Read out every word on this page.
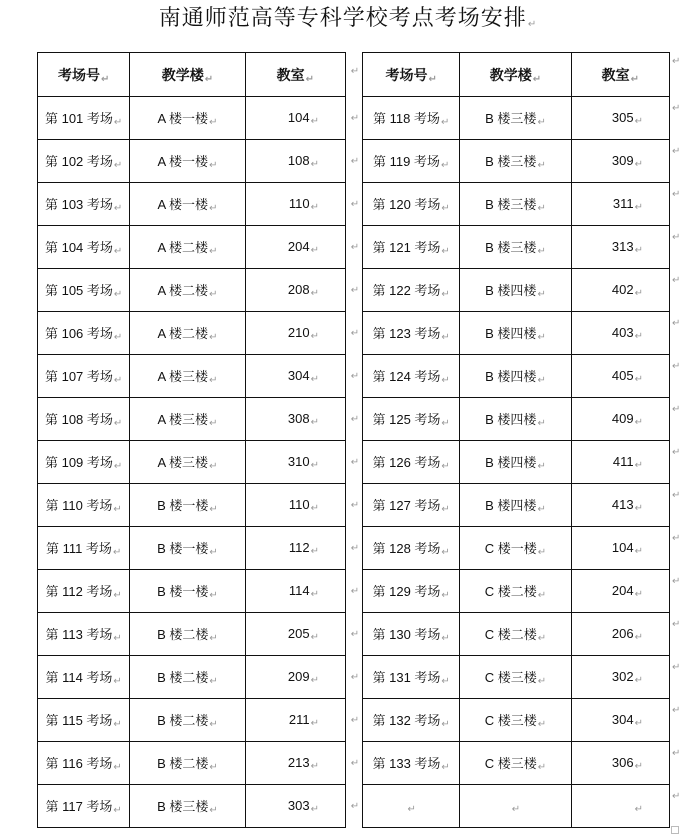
南通师范高等专科学校考点考场安排↵
考场号↵	教学楼↵	教室↵
第 101 考场↵	A 楼一楼↵	104↵
第 102 考场↵	A 楼一楼↵	108↵
第 103 考场↵	A 楼一楼↵	110↵
第 104 考场↵	A 楼二楼↵	204↵
第 105 考场↵	A 楼二楼↵	208↵
第 106 考场↵	A 楼二楼↵	210↵
第 107 考场↵	A 楼三楼↵	304↵
第 108 考场↵	A 楼三楼↵	308↵
第 109 考场↵	A 楼三楼↵	310↵
第 110 考场↵	B 楼一楼↵	110↵
第 111 考场↵	B 楼一楼↵	112↵
第 112 考场↵	B 楼一楼↵	114↵
第 113 考场↵	B 楼二楼↵	205↵
第 114 考场↵	B 楼二楼↵	209↵
第 115 考场↵	B 楼二楼↵	211↵
第 116 考场↵	B 楼二楼↵	213↵
第 117 考场↵	B 楼三楼↵	303↵
考场号↵	教学楼↵	教室↵
第 118 考场↵	B 楼三楼↵	305↵
第 119 考场↵	B 楼三楼↵	309↵
第 120 考场↵	B 楼三楼↵	311↵
第 121 考场↵	B 楼三楼↵	313↵
第 122 考场↵	B 楼四楼↵	402↵
第 123 考场↵	B 楼四楼↵	403↵
第 124 考场↵	B 楼四楼↵	405↵
第 125 考场↵	B 楼四楼↵	409↵
第 126 考场↵	B 楼四楼↵	411↵
第 127 考场↵	B 楼四楼↵	413↵
第 128 考场↵	C 楼一楼↵	104↵
第 129 考场↵	C 楼二楼↵	204↵
第 130 考场↵	C 楼二楼↵	206↵
第 131 考场↵	C 楼三楼↵	302↵
第 132 考场↵	C 楼三楼↵	304↵
第 133 考场↵	C 楼三楼↵	306↵
↵	↵	↵
↵
↵
↵
↵
↵
↵
↵
↵
↵
↵
↵
↵
↵
↵
↵
↵
↵
↵
↵
↵
↵
↵
↵
↵
↵
↵
↵
↵
↵
↵
↵
↵
↵
↵
↵
↵
